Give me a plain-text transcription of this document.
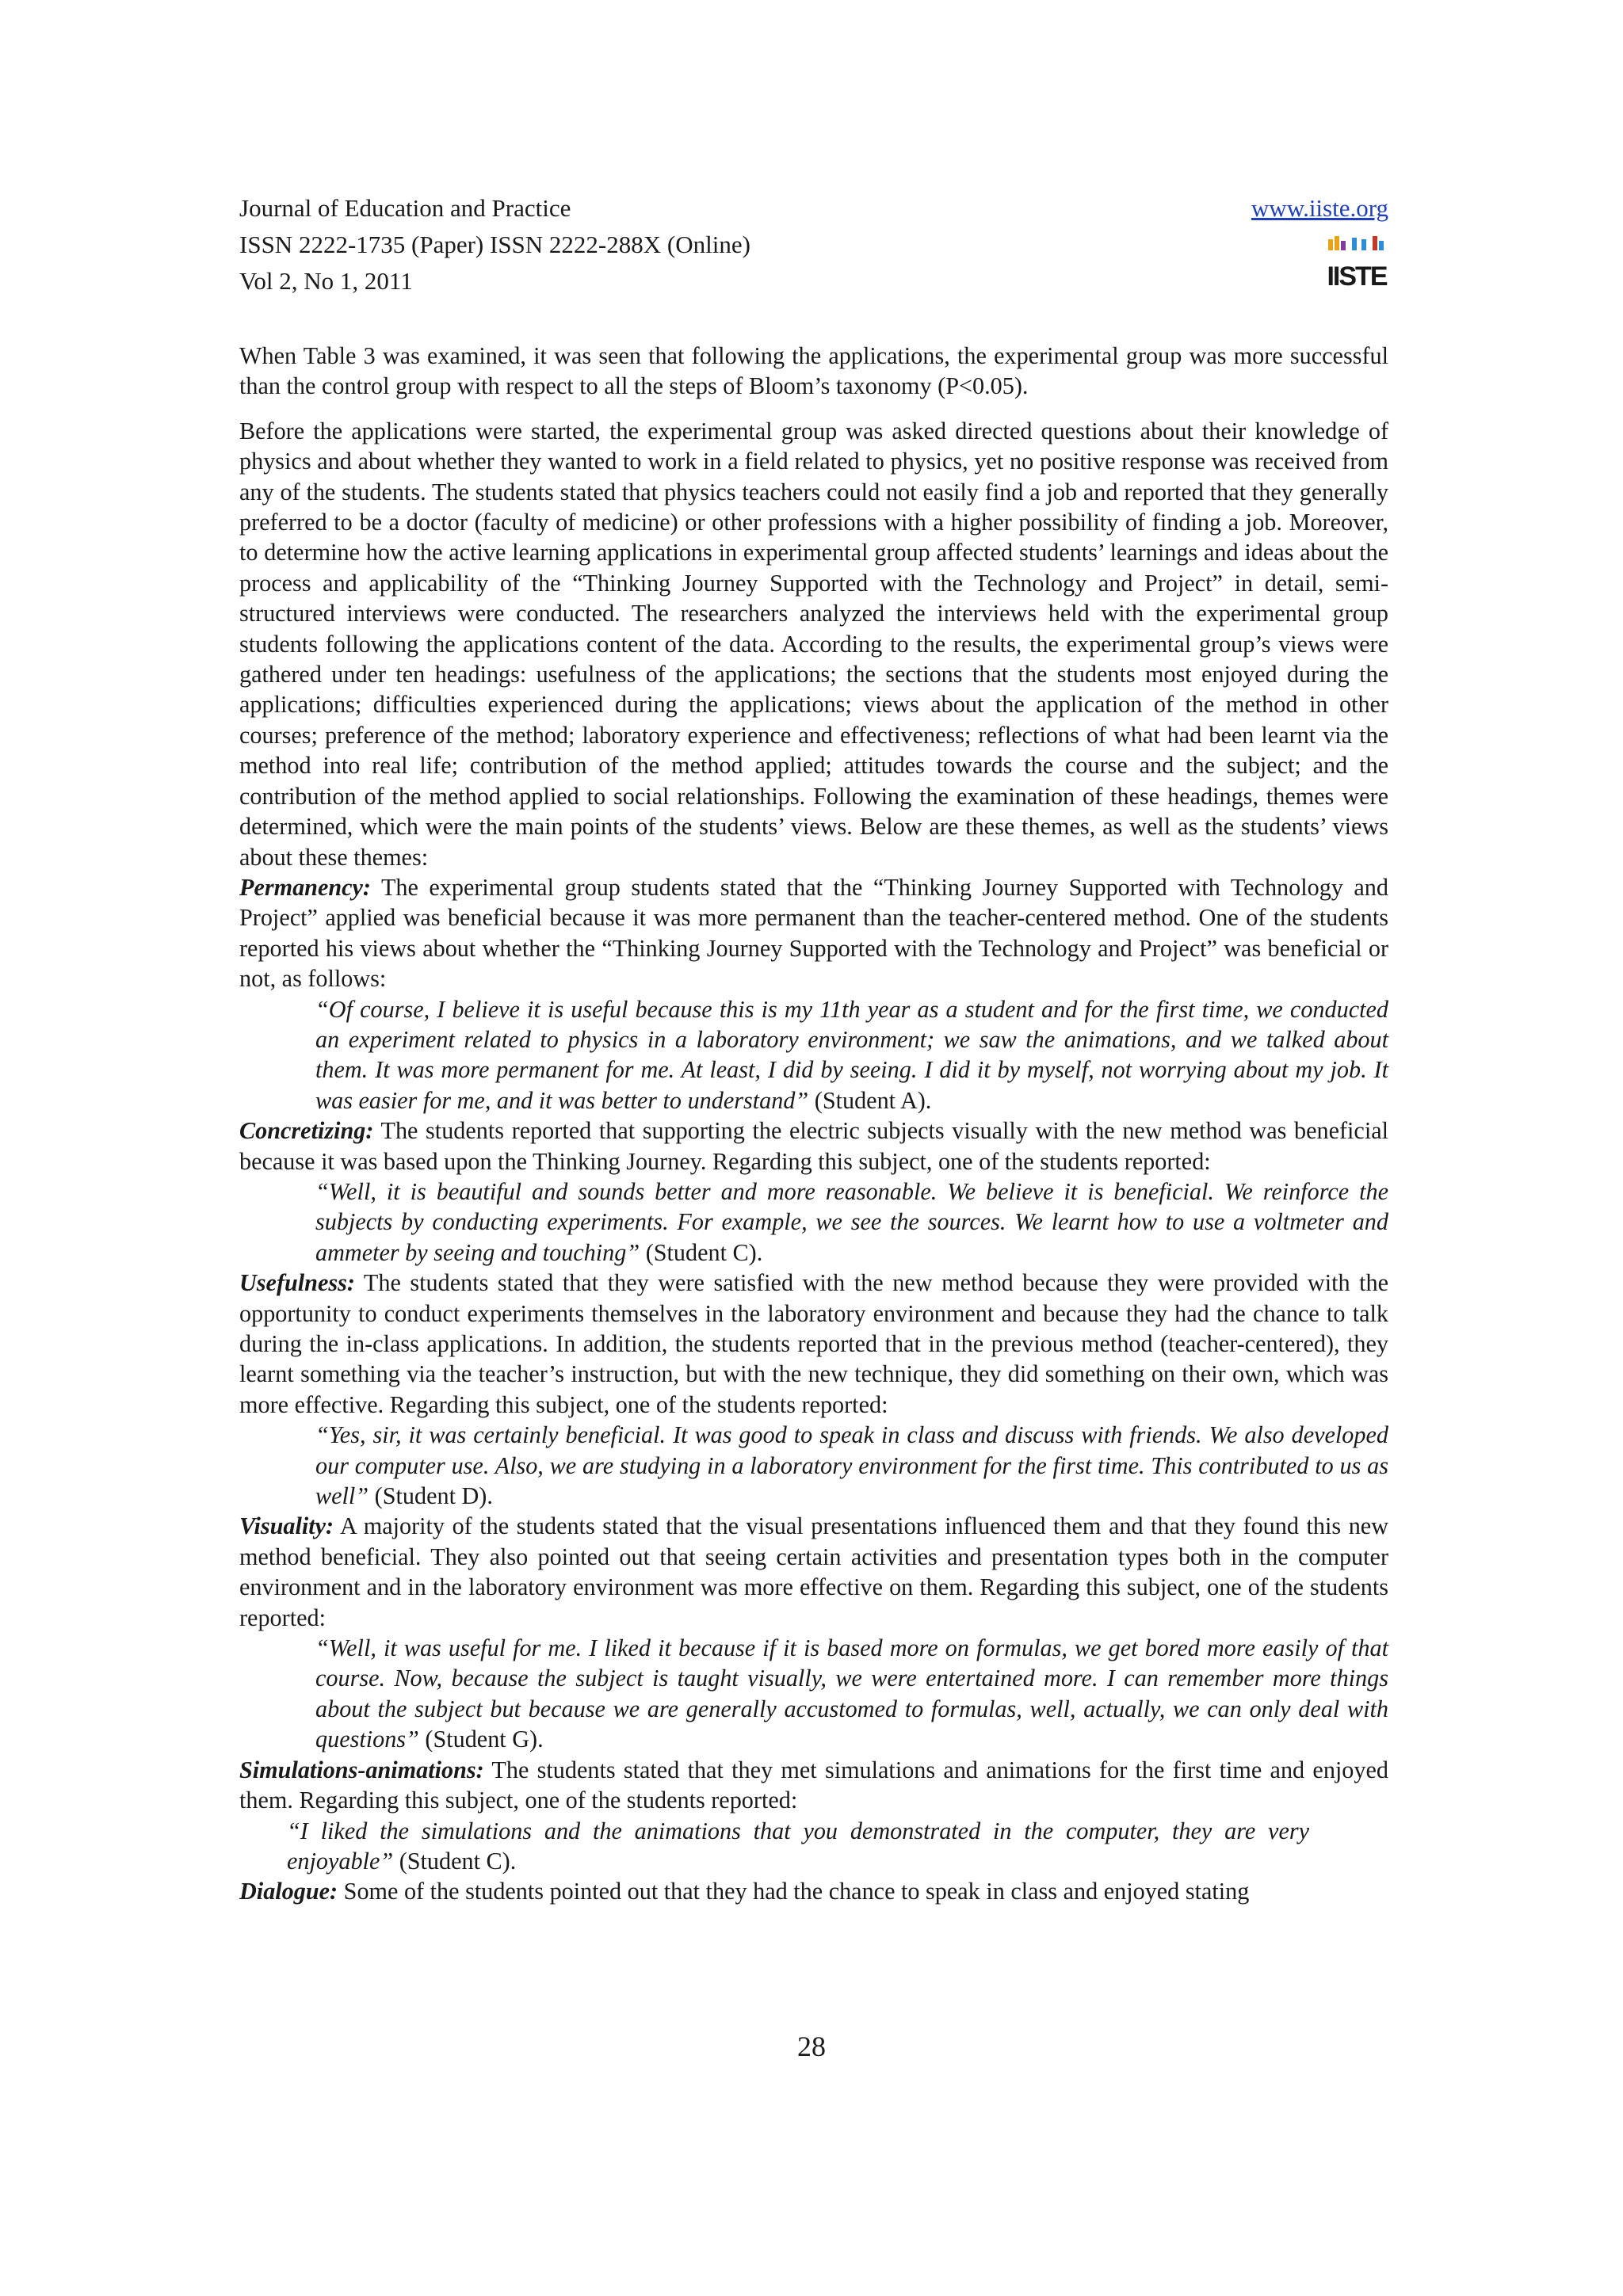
Journal of Education and Practice
ISSN 2222-1735 (Paper) ISSN 2222-288X (Online)
Vol 2, No 1, 2011
www.iiste.org
IISTE

When Table 3 was examined, it was seen that following the applications, the experimental group was more successful than the control group with respect to all the steps of Bloom’s taxonomy (P<0.05).

Before the applications were started, the experimental group was asked directed questions about their knowledge of physics and about whether they wanted to work in a field related to physics, yet no positive response was received from any of the students. The students stated that physics teachers could not easily find a job and reported that they generally preferred to be a doctor (faculty of medicine) or other professions with a higher possibility of finding a job. Moreover, to determine how the active learning applications in experimental group affected students’ learnings and ideas about the process and applicability of the “Thinking Journey Supported with the Technology and Project” in detail, semi-structured interviews were conducted. The researchers analyzed the interviews held with the experimental group students following the applications content of the data. According to the results, the experimental group’s views were gathered under ten headings: usefulness of the applications; the sections that the students most enjoyed during the applications; difficulties experienced during the applications; views about the application of the method in other courses; preference of the method; laboratory experience and effectiveness; reflections of what had been learnt via the method into real life; contribution of the method applied; attitudes towards the course and the subject; and the contribution of the method applied to social relationships. Following the examination of these headings, themes were determined, which were the main points of the students’ views. Below are these themes, as well as the students’ views about these themes:

Permanency: The experimental group students stated that the “Thinking Journey Supported with Technology and Project” applied was beneficial because it was more permanent than the teacher-centered method. One of the students reported his views about whether the “Thinking Journey Supported with the Technology and Project” was beneficial or not, as follows:

“Of course, I believe it is useful because this is my 11th year as a student and for the first time, we conducted an experiment related to physics in a laboratory environment; we saw the animations, and we talked about them. It was more permanent for me. At least, I did by seeing. I did it by myself, not worrying about my job. It was easier for me, and it was better to understand” (Student A).

Concretizing: The students reported that supporting the electric subjects visually with the new method was beneficial because it was based upon the Thinking Journey. Regarding this subject, one of the students reported:

“Well, it is beautiful and sounds better and more reasonable. We believe it is beneficial. We reinforce the subjects by conducting experiments. For example, we see the sources. We learnt how to use a voltmeter and ammeter by seeing and touching” (Student C).

Usefulness: The students stated that they were satisfied with the new method because they were provided with the opportunity to conduct experiments themselves in the laboratory environment and because they had the chance to talk during the in-class applications. In addition, the students reported that in the previous method (teacher-centered), they learnt something via the teacher’s instruction, but with the new technique, they did something on their own, which was more effective. Regarding this subject, one of the students reported:

“Yes, sir, it was certainly beneficial. It was good to speak in class and discuss with friends. We also developed our computer use. Also, we are studying in a laboratory environment for the first time. This contributed to us as well” (Student D).

Visuality: A majority of the students stated that the visual presentations influenced them and that they found this new method beneficial. They also pointed out that seeing certain activities and presentation types both in the computer environment and in the laboratory environment was more effective on them. Regarding this subject, one of the students reported:

“Well, it was useful for me. I liked it because if it is based more on formulas, we get bored more easily of that course. Now, because the subject is taught visually, we were entertained more. I can remember more things about the subject but because we are generally accustomed to formulas, well, actually, we can only deal with questions” (Student G).

Simulations-animations: The students stated that they met simulations and animations for the first time and enjoyed them. Regarding this subject, one of the students reported:

“I liked the simulations and the animations that you demonstrated in the computer, they are very enjoyable” (Student C).

Dialogue: Some of the students pointed out that they had the chance to speak in class and enjoyed stating

28
